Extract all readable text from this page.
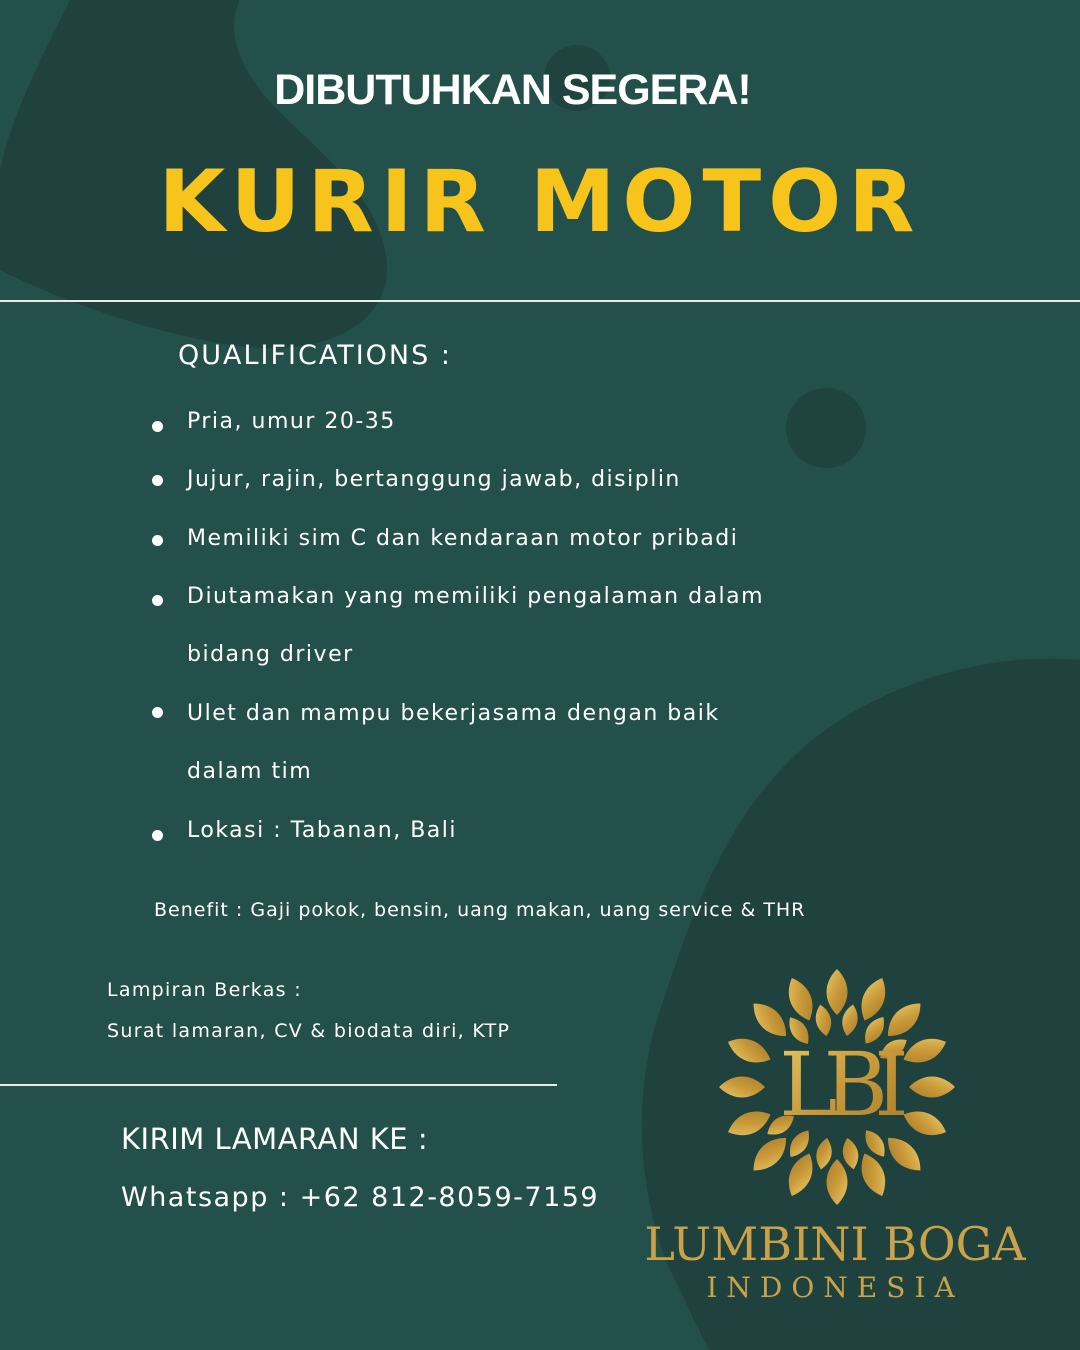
DIBUTUHKAN SEGERA!
KURIR MOTOR
QUALIFICATIONS :
Pria, umur 20-35
Jujur, rajin, bertanggung jawab, disiplin
Memiliki sim C dan kendaraan motor pribadi
Diutamakan yang memiliki pengalaman dalam bidang driver
Ulet dan mampu bekerjasama dengan baik dalam tim
Lokasi : Tabanan, Bali

Benefit : Gaji pokok, bensin, uang makan, uang service & THR

Lampiran Berkas :

Surat lamaran, CV & biodata diri, KTP

KIRIM LAMARAN KE :

Whatsapp : +62 812-8059-7159

LBI
LUMBINI BOGA

INDONESIA
